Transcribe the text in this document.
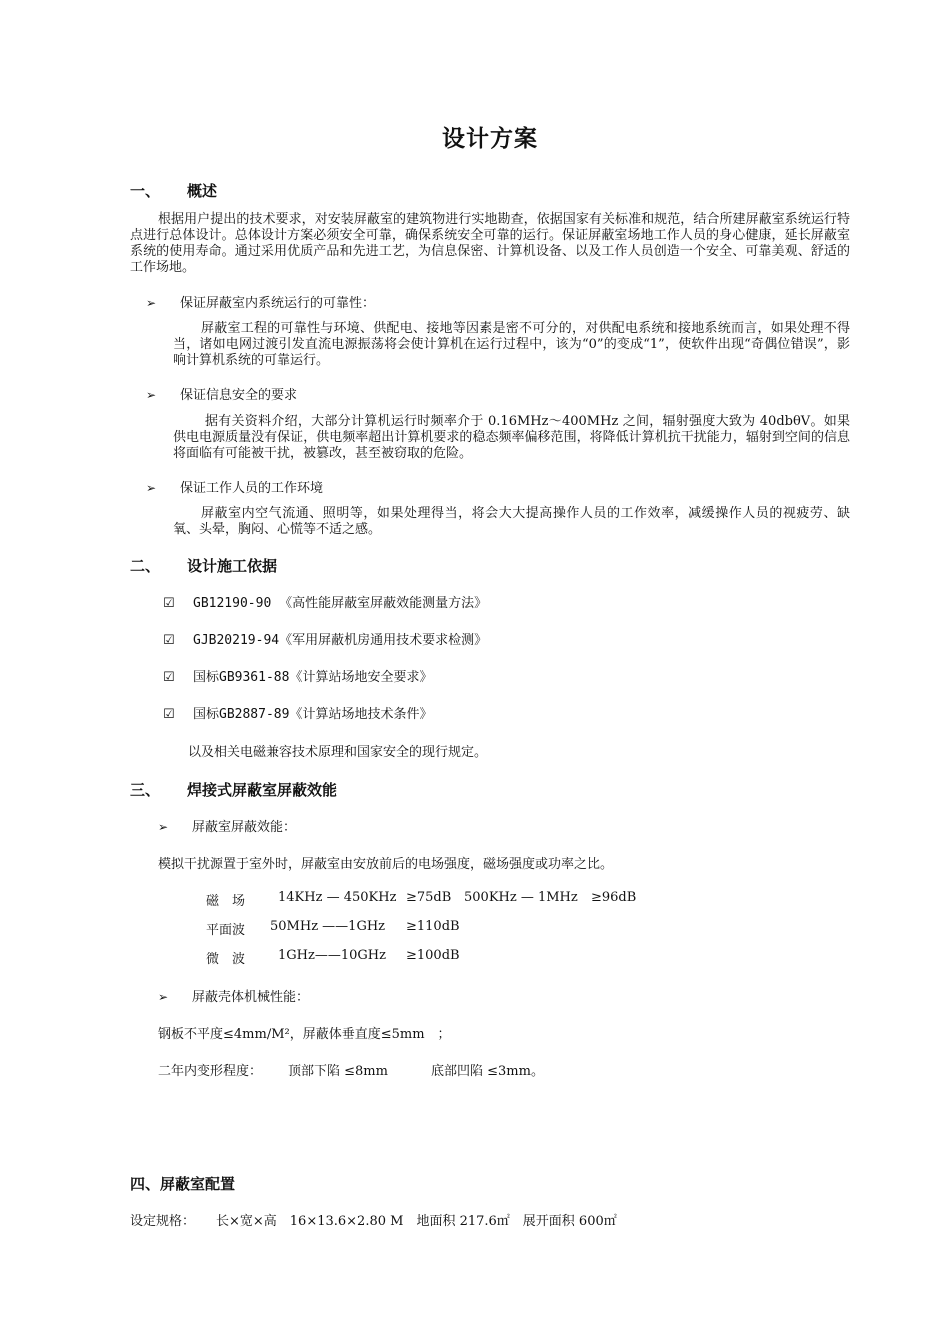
设计方案
一、 概述
根据用户提出的技术要求，对安装屏蔽室的建筑物进行实地勘查，依据国家有关标准和规范，结合所建屏蔽室系统运行特点进行总体设计。总体设计方案必须安全可靠，确保系统安全可靠的运行。保证屏蔽室场地工作人员的身心健康，延长屏蔽室系统的使用寿命。通过采用优质产品和先进工艺，为信息保密、计算机设备、以及工作人员创造一个安全、可靠美观、舒适的工作场地。
➢ 保证屏蔽室内系统运行的可靠性：
屏蔽室工程的可靠性与环境、供配电、接地等因素是密不可分的，对供配电系统和接地系统而言，如果处理不得当，诸如电网过渡引发直流电源振荡将会使计算机在运行过程中，该为“0”的变成“1”，使软件出现“奇偶位错误”，影响计算机系统的可靠运行。
➢ 保证信息安全的要求
据有关资料介绍，大部分计算机运行时频率介于 0.16MHz～400MHz 之间，辐射强度大致为 40dbθV。如果供电电源质量没有保证，供电频率超出计算机要求的稳态频率偏移范围，将降低计算机抗干扰能力，辐射到空间的信息将面临有可能被干扰，被篡改，甚至被窃取的危险。
➢ 保证工作人员的工作环境
屏蔽室内空气流通、照明等，如果处理得当，将会大大提高操作人员的工作效率，减缓操作人员的视疲劳、缺氧、头晕，胸闷、心慌等不适之感。
二、 设计施工依据
☑ GB12190-90 《高性能屏蔽室屏蔽效能测量方法》
☑ GJB20219-94《军用屏蔽机房通用技术要求检测》
☑ 国标GB9361-88《计算站场地安全要求》
☑ 国标GB2887-89《计算站场地技术条件》
以及相关电磁兼容技术原理和国家安全的现行规定。
三、 焊接式屏蔽室屏蔽效能
➢ 屏蔽室屏蔽效能：
模拟干扰源置于室外时，屏蔽室由安放前后的电场强度，磁场强度或功率之比。
磁　场	14KHz — 450KHz ≥75dB 500KHz — 1MHz ≥96dB
平面波 50MHz ——1GHz ≥110dB
微　波	1GHz——10GHz ≥100dB
➢ 屏蔽壳体机械性能：
钢板不平度≤4mm/M²，屏蔽体垂直度≤5mm　；
二年内变形程度： 顶部下陷 ≤8mm	底部凹陷 ≤3mm。
四、屏蔽室配置
设定规格： 长×宽×高　16×13.6×2.80 M　地面积 217.6㎡　展开面积 600㎡
